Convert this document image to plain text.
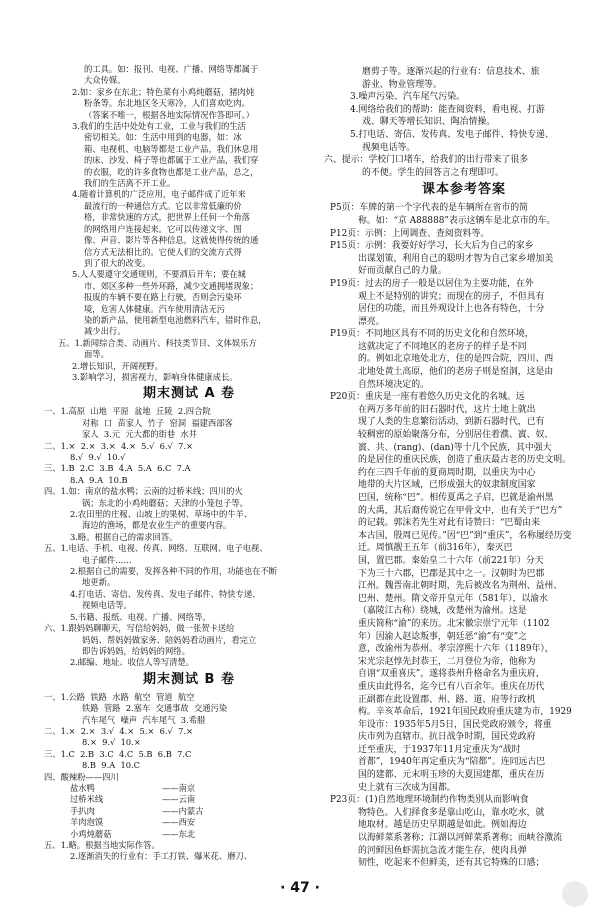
的工具。如：报刊、电视、广播、网络等都属于

大众传媒。

2.如：家乡在东北；特色菜有小鸡炖蘑菇，猪肉炖

粉条等。东北地区冬天寒冷，人们喜欢吃肉。

（答案不唯一，根据各地实际情况作答即可。）

3.我们的生活中处处有工业，工业与我们的生活

密切相关。如：生活中用到的电器，如：冰

箱、电视机、电脑等都是工业产品，我们休息用

的床、沙发、椅子等也都属于工业产品，我们穿

的衣服，吃的许多食物也都是工业产品，总之，

我们的生活离不开工业。

4.随着计算机的广泛应用，电子邮件成了近年来

最流行的一种通信方式。它以非常低廉的价

格，非常快速的方式，把世界上任何一个角落

的网络用户连接起来。它可以传递文字、图

像、声音、影片等各种信息，这就使得传统的通

信方式无法相比的。它使人们的交流方式得

到了很大的改变。

5.人人要遵守交通规则，不要酒后开车；要在城

市、郊区多种一些外环路，减少交通拥堵现象；

报废的车辆不要在路上行驶，否则会污染环

境，危害人体健康。汽车使用清洁无污

染的新产品，使用新型电池燃料汽车，错时作息，

减少出行。

五、1.新闻综合类、动画片、科技类节目、文体娱乐方

面等。

2.增长知识，开阔视野。

3.影响学习，损害视力，影响身体健康成长。

期末测试 A 卷

一、1.高原  山地  平原  盆地  丘陵  2.四合院

对称  口  苗家人  竹子  窑洞  福建西部客

家人  3.元  元大都的街巷  水井

二、1.×  2.×  3.×  4.×  5.√  6.√  7.×

8.√  9.√  10.√

三、1.B  2.C  3.B  4.A  5.A  6.C  7.A

8.A  9.A  10.B

四、1.如：南京的盐水鸭；云南的过桥米线；四川的火

锅；东北的小鸡炖蘑菇；天津的小笼包子等。

2.农田里的庄稼、山坡上的果树、草场中的牛羊、

海边的渔场，都是农业生产的重要内容。

3.略。根据自己的需求回答。

五、1.电话、手机、电视、传真、网络、互联网、电子电视、

电子邮件……

2.根据自己的需要，发挥各种不同的作用，功能也在不断

地更新。

4.打电话、寄信、发传真、发电子邮件、特快专递、

视频电话等。

5.书籍、报纸、电视、广播、网络等。

六、1.跟妈妈聊聊天，写信给妈妈，做一张贺卡送给

妈妈、帮妈妈做家务、陪妈妈看动画片，看完立

即告诉妈妈，给妈妈的网络。

2.邮编、地址、收信人等写清楚。

期末测试 B 卷

一、1.公路  铁路  水路  航空  管道  航空

铁路  管路  2.塞车  交通事故  交通污染

汽车尾气  噪声  汽车尾气  3.希腊

二、1.×  2.×  3.√  4.×  5.×  6.√  7.×

8.×  9.√  10.×

三、1.C  2.B  3.C  4.C  5.B  6.B  7.C

8.B  9.A  10.C

四、酸辣粉——四川

盐水鸭	——南京
过桥米线	——云南
手扒肉	——内蒙古
羊肉泡馍	——西安
小鸡炖蘑菇	——东北

五、1.略。根据当地实际作答。

2.逐渐消失的行业有：手工打铁、爆米花、磨刀、

磨剪子等。逐渐兴起的行业有：信息技术、旅

游业、物业管理等。

3.噪声污染、汽车尾气污染。

4.网络给我们的帮助：能查阅资料，看电视、打游

戏、聊天等增长知识、陶冶情操。

5.打电话、寄信、发传真、发电子邮件、特快专递、

视频电话等。

六、提示：学校门口堵车，给我们的出行带来了很多

的不便。学生的回答言之有理即可。

课本参考答案

P5页：车牌的第一个字代表的是车辆所在省市的简

称。如：“京 A88888”表示这辆车是北京市的车。

P12页：示例：上网调查、查阅资料等。

P15页：示例：我要好好学习，长大后为自己的家乡

出谋划策，利用自己的聪明才智为自己家乡增加美

好而贡献自己的力量。

P19页：过去的房子一般是以居住为主要功能，在外

观上不是特别的讲究；而现在的房子，不但具有

居住的功能，而且外观设计上也各有特色，十分

漂亮。

P19页：不同地区具有不同的历史文化和自然环境，

这就决定了不同地区的老房子的样子是不同

的。例如北京地处北方，住的是四合院，四川、西

北地处黄土高原，他们的老房子则是窑洞，这是由

自然环境决定的。

P20页：重庆是一座有着悠久历史文化的名城。远

在两万多年前的旧石器时代，这片土地上就出

现了人类的生息繁衍活动，到新石器时代，已有

较稠密的原始聚落分布，分别居住着濮、賨、奴、

賨、共、(rang)、(dan)等十几个民族，其中强大

的是居住的重庆民族，创造了重庆最古老的历史文明。

约在三四千年前的夏商周时期，以重庆为中心

地带的大片区域，已形成强大的奴隶制度国家

巴国，统称“巴”。相传夏禹之子启，巴就是渝州黑

的大禹，其后裔传说它在甲骨文中，也有关于“巴方”

的记载。郭沫若先生对此有诗赞曰：“巴蜀由来

本古国，殷周已见传。”因“巴”到“重庆”，名称屡经历变

迁。周慎靓王五年（前316年），秦灭巴

国，置巴郡。秦始皇二十六年（前221年）分天

下为三十六郡，巴郡是其中之一。汉朝时为巴郡

江州。魏晋南北朝时期，先后被改名为荆州、益州、

巴州、楚州。隋文帝开皇元年（581年），以渝水

（嘉陵江古称）绕城，改楚州为渝州。这是

重庆简称“渝”的来历。北宋徽宗崇宁元年（1102

年）因渝人赵谂叛事，朝廷恶“渝”有“变”之

意，改渝州为恭州。孝宗淳熙十六年（1189年），

宋光宗赵惇先封恭王，二月登位为帝，他称为

自诩“双重喜庆”，遂将恭州升格命名为重庆府，

重庆由此得名，迄今已有八百余年。重庆在历代

正副都在此设置郡、州、路、道、府等行政机

构。辛亥革命后，1921年国民政府重庆建为市，1929

年设市：1935年5月5日，国民党政府颁令，将重

庆市列为直辖市。抗日战争时期，国民党政府

迁至重庆，于1937年11月定重庆为“战时

首都”，1940年再定重庆为“陪都”。连同远古巴

国的建都、元末明玉珍的大夏国建都，重庆在历

史上就有三次成为国都。

P23页：(1)自然地理环境制约作物类别从而影响食

物特色。人们择食多是靠山吃山，靠水吃水，就

地取材。越是历史早期越是如此。例如海边

以海鲜菜系著称；江湖以河鲜菜系著称；而峡谷激流

的河鲜因鱼虾需抗急流才能生存，使肉具弹

韧性，吃起来不但鲜美，还有其它特殊的口感；

· 47 ·
